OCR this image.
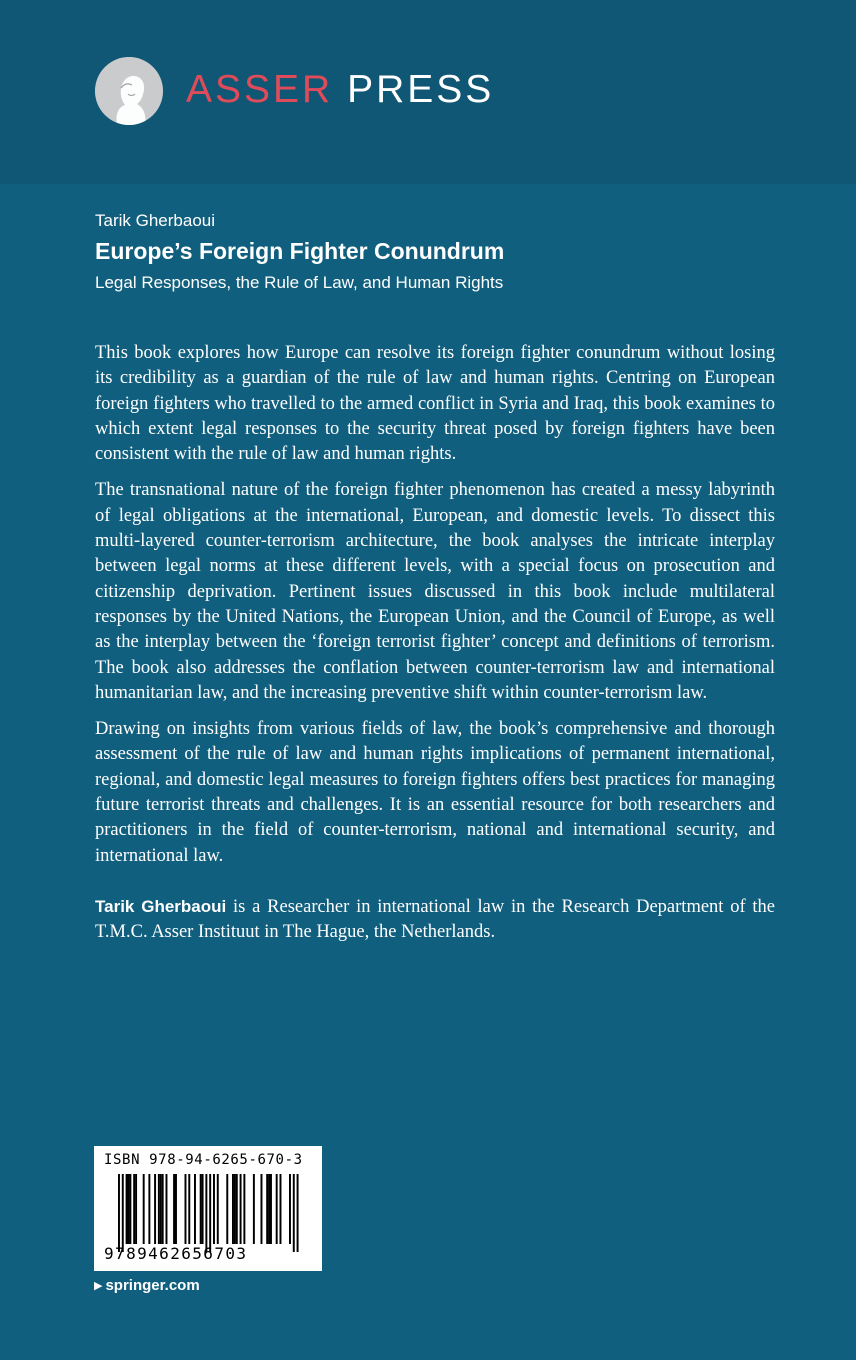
ASSER PRESS
Tarik Gherbaoui
Europe’s Foreign Fighter Conundrum
Legal Responses, the Rule of Law, and Human Rights

This book explores how Europe can resolve its foreign fighter conundrum without losing its credibility as a guardian of the rule of law and human rights. Centring on European foreign fighters who travelled to the armed conflict in Syria and Iraq, this book examines to which extent legal responses to the security threat posed by foreign fighters have been consistent with the rule of law and human rights.

The transnational nature of the foreign fighter phenomenon has created a messy labyrinth of legal obligations at the international, European, and domestic levels. To dissect this multi-layered counter-terrorism architecture, the book analyses the intricate interplay between legal norms at these different levels, with a special focus on prosecution and citizenship deprivation. Pertinent issues discussed in this book include multilateral responses by the United Nations, the European Union, and the Council of Europe, as well as the interplay between the ‘foreign terrorist fighter’ concept and definitions of terrorism. The book also addresses the conflation between counter-terrorism law and international humanitarian law, and the increasing preventive shift within counter-terrorism law.

Drawing on insights from various fields of law, the book’s comprehensive and thorough assessment of the rule of law and human rights implications of permanent international, regional, and domestic legal measures to foreign fighters offers best practices for managing future terrorist threats and challenges. It is an essential resource for both researchers and practitioners in the field of counter-terrorism, national and international security, and international law.

Tarik Gherbaoui is a Researcher in international law in the Research Department of the T.M.C. Asser Instituut in The Hague, the Netherlands.

ISBN 978-94-6265-670-3
9789462656703
▶ springer.com
